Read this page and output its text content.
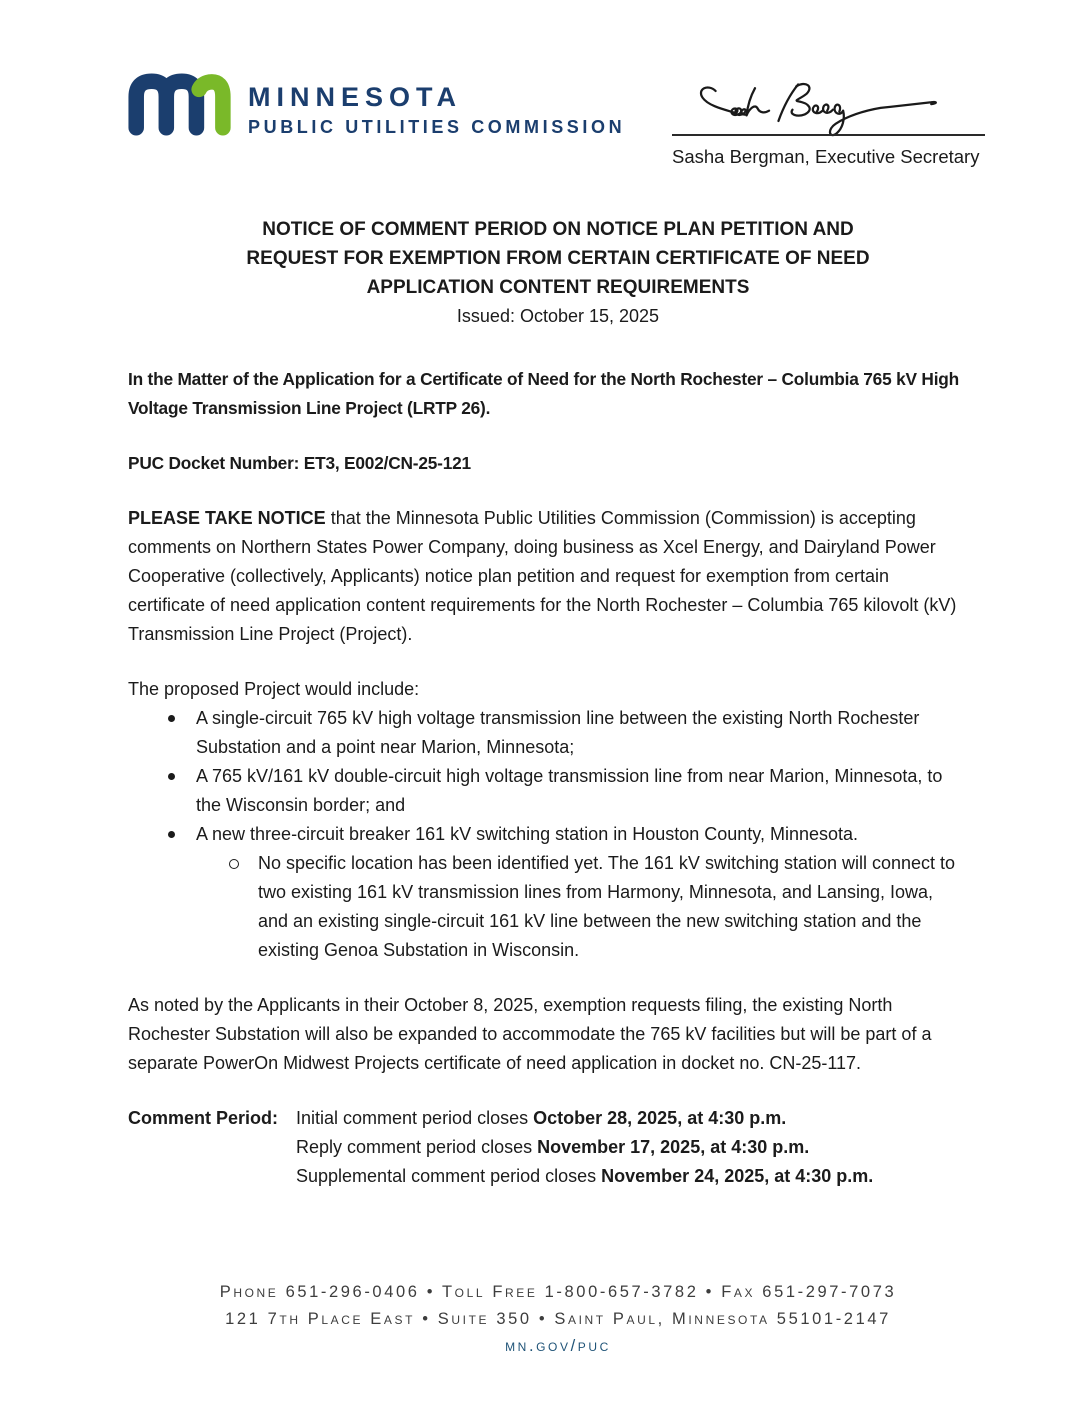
MINNESOTA
PUBLIC UTILITIES COMMISSION
Sasha Bergman, Executive Secretary
NOTICE OF COMMENT PERIOD ON NOTICE PLAN PETITION AND
REQUEST FOR EXEMPTION FROM CERTAIN CERTIFICATE OF NEED
APPLICATION CONTENT REQUIREMENTS
Issued: October 15, 2025

In the Matter of the Application for a Certificate of Need for the North Rochester – Columbia 765 kV High Voltage Transmission Line Project (LRTP 26).

PUC Docket Number: ET3, E002/CN-25-121

PLEASE TAKE NOTICE that the Minnesota Public Utilities Commission (Commission) is accepting comments on Northern States Power Company, doing business as Xcel Energy, and Dairyland Power Cooperative (collectively, Applicants) notice plan petition and request for exemption from certain certificate of need application content requirements for the North Rochester – Columbia 765 kilovolt (kV) Transmission Line Project (Project).

The proposed Project would include:

A single-circuit 765 kV high voltage transmission line between the existing North Rochester Substation and a point near Marion, Minnesota;
A 765 kV/161 kV double-circuit high voltage transmission line from near Marion, Minnesota, to the Wisconsin border; and
A new three-circuit breaker 161 kV switching station in Houston County, Minnesota.
No specific location has been identified yet. The 161 kV switching station will connect to two existing 161 kV transmission lines from Harmony, Minnesota, and Lansing, Iowa, and an existing single-circuit 161 kV line between the new switching station and the existing Genoa Substation in Wisconsin.

As noted by the Applicants in their October 8, 2025, exemption requests filing, the existing North Rochester Substation will also be expanded to accommodate the 765 kV facilities but will be part of a separate PowerOn Midwest Projects certificate of need application in docket no. CN-25-117.

Comment Period: Initial comment period closes October 28, 2025, at 4:30 p.m.
Reply comment period closes November 17, 2025, at 4:30 p.m.
Supplemental comment period closes November 24, 2025, at 4:30 p.m.
Phone 651-296-0406 • Toll Free 1-800-657-3782 • Fax 651-297-7073
121 7th Place East • Suite 350 • Saint Paul, Minnesota 55101-2147
mn.gov/puc
